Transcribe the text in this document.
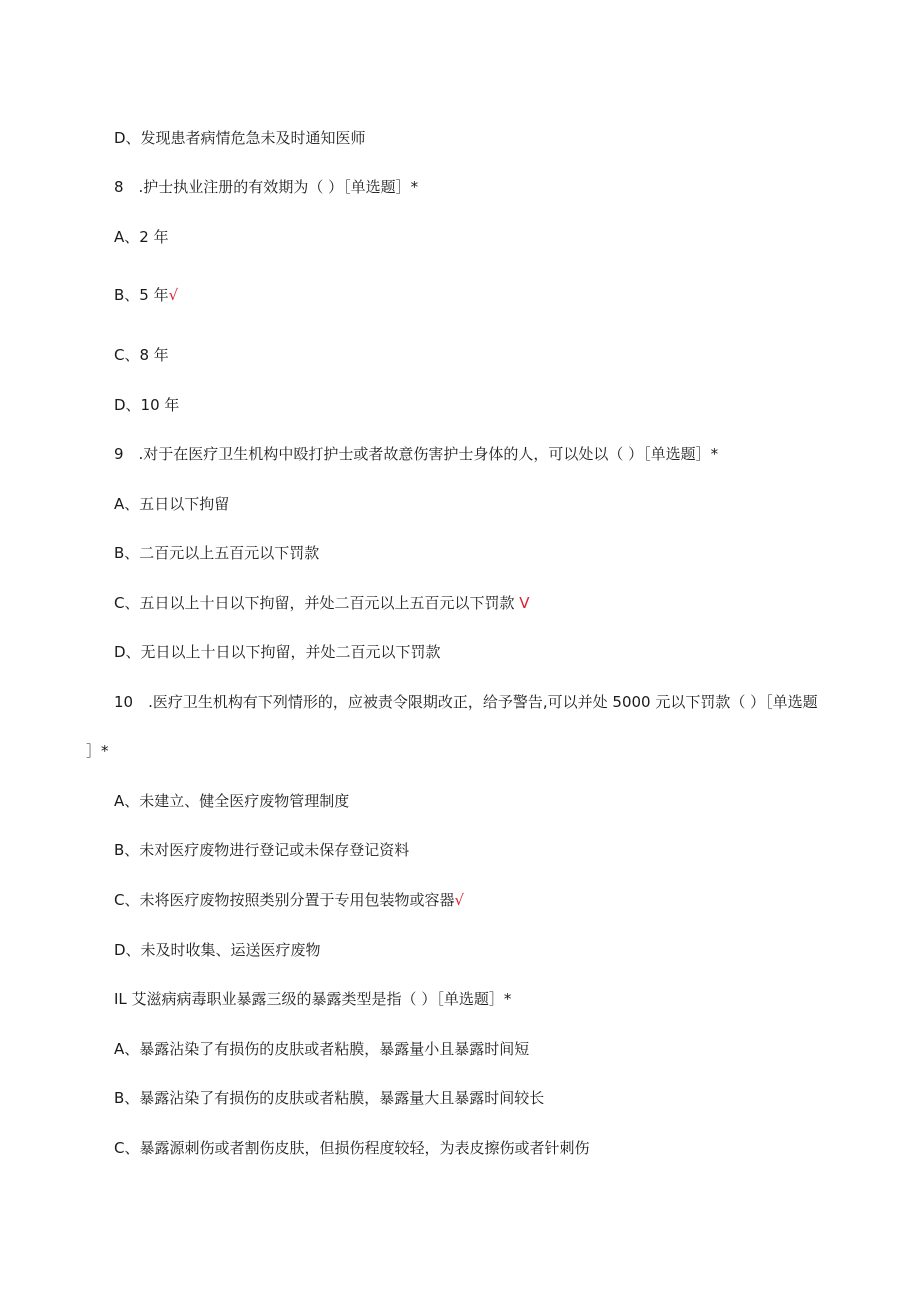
D、发现患者病情危急未及时通知医师
8　.护士执业注册的有效期为（ ）［单选题］*
A、2 年
B、5 年√
C、8 年
D、10 年
9　.对于在医疗卫生机构中殴打护士或者故意伤害护士身体的人，可以处以（ ）［单选题］*
A、五日以下拘留
B、二百元以上五百元以下罚款
C、五日以上十日以下拘留，并处二百元以上五百元以下罚款 V
D、无日以上十日以下拘留，并处二百元以下罚款
10　.医疗卫生机构有下列情形的，应被责令限期改正，给予警告,可以并处 5000 元以下罚款（ ）［单选题
］*
A、未建立、健全医疗废物管理制度
B、未对医疗废物进行登记或未保存登记资料
C、未将医疗废物按照类别分置于专用包装物或容器√
D、未及时收集、运送医疗废物
IL 艾滋病病毒职业暴露三级的暴露类型是指（ ）［单选题］*
A、暴露沾染了有损伤的皮肤或者粘膜，暴露量小且暴露时间短
B、暴露沾染了有损伤的皮肤或者粘膜，暴露量大且暴露时间较长
C、暴露源刺伤或者割伤皮肤，但损伤程度较轻，为表皮擦伤或者针刺伤
